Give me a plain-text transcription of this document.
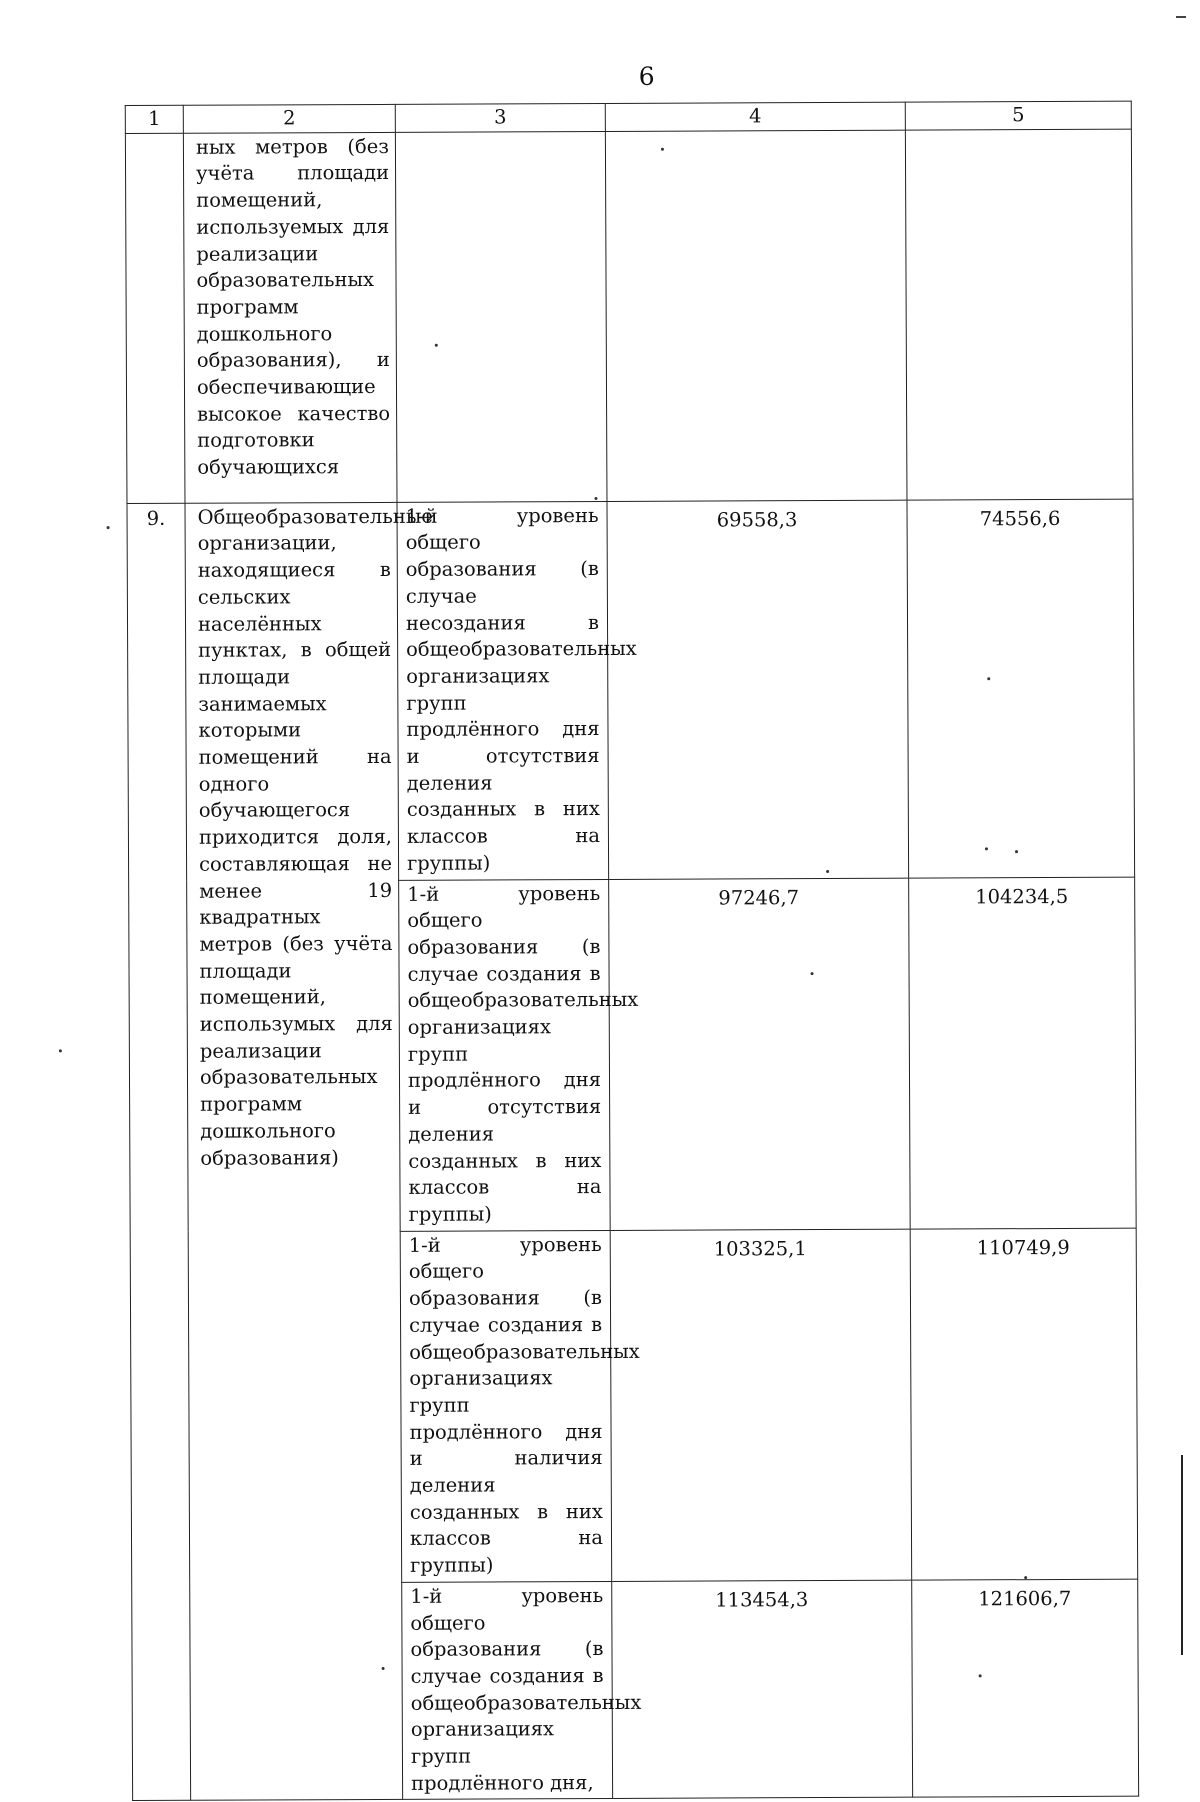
6
1	2	3	4	5
	ных метров (без учёта площади помещений, используемых для реализации образовательных программ дошкольного образования), и обеспечивающие высокое качество подготовки обучающихся			
9.	Общеобразовательные организации, находящиеся в сельских населённых пунктах, в общей площади занимаемых которыми помещений на одного обучающегося приходится доля, составляющая не менее 19 квадратных метров (без учёта площади помещений, использумых для реализации образовательных программ дошкольного образования)	1-й уровень общего образования (в случае несоздания в общеобразовательных организациях групп продлённого дня и отсутствия деления созданных в них классов на группы)	69558,3	74556,6
		1-й уровень общего образования (в случае создания в общеобразовательных организациях групп продлённого дня и отсутствия деления созданных в них классов на группы)	97246,7	104234,5
		1-й уровень общего образования (в случае создания в общеобразовательных организациях групп продлённого дня и наличия деления созданных в них классов на группы)	103325,1	110749,9
		1-й уровень общего образования (в случае создания в общеобразовательных организациях групп продлённого дня,	113454,3	121606,7
